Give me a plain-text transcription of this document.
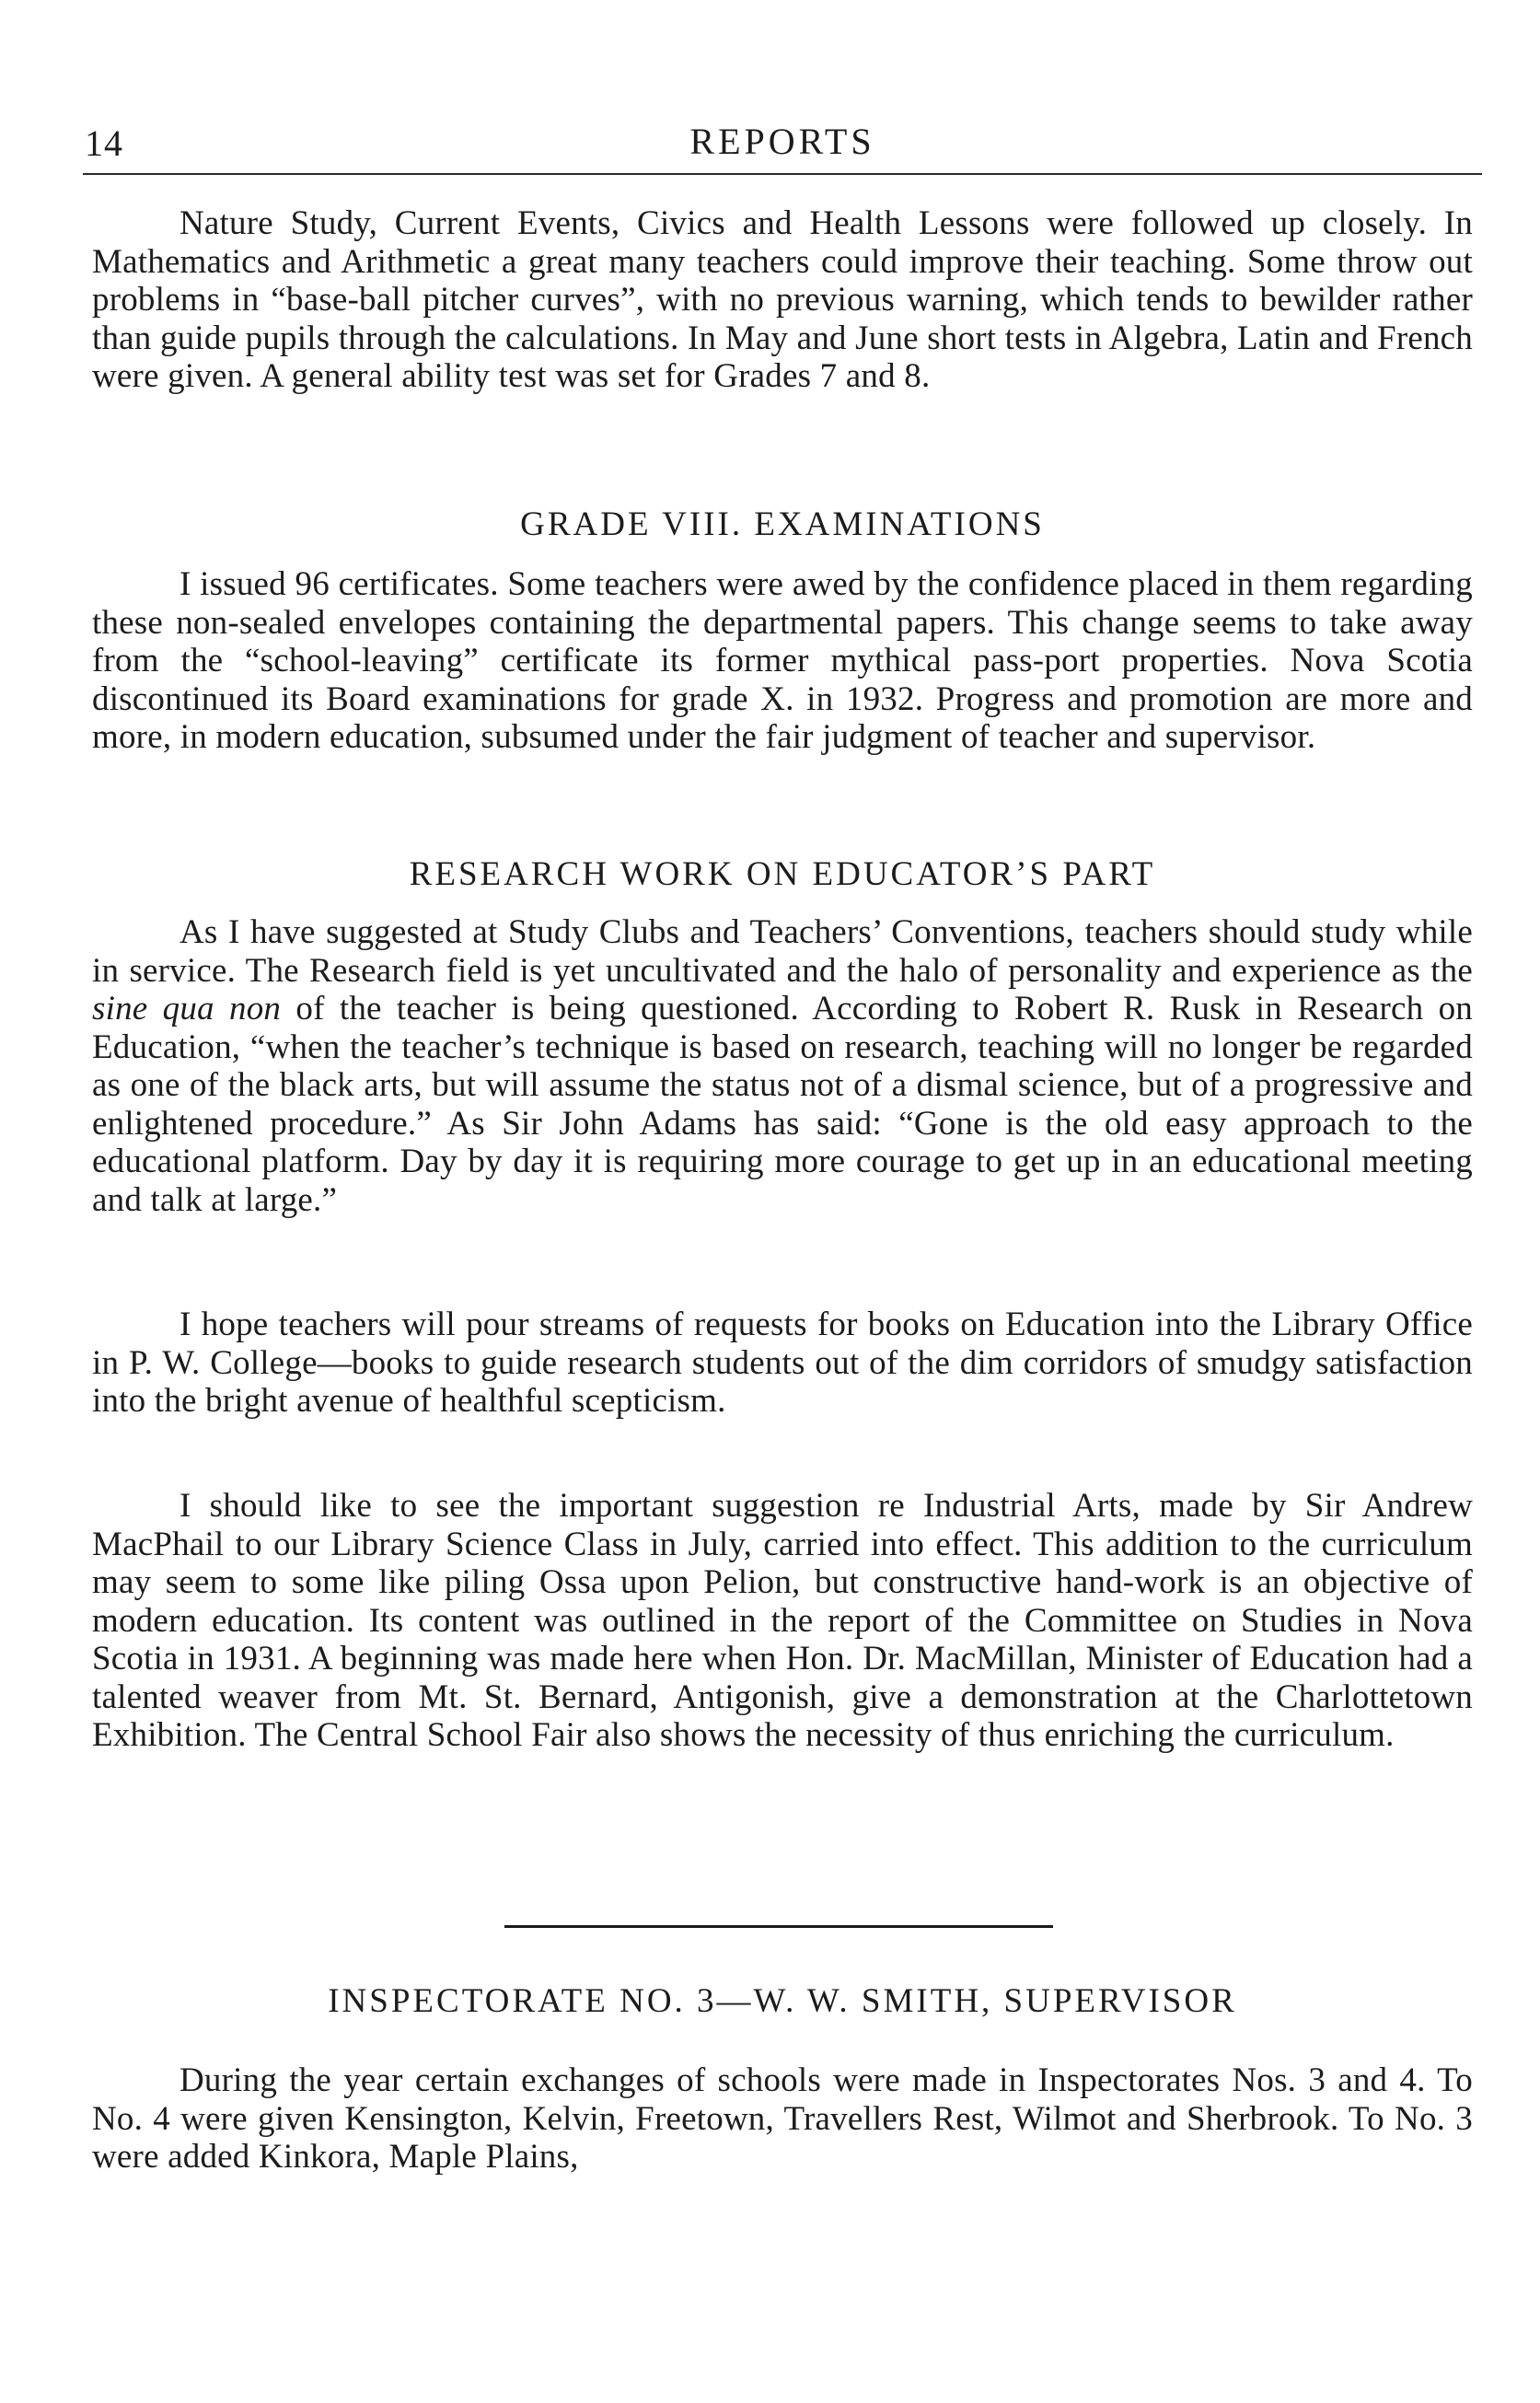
14	REPORTS

Nature Study, Current Events, Civics and Health Lessons were followed up closely. In Mathematics and Arithmetic a great many teachers could improve their teaching. Some throw out problems in “base-ball pitcher curves”, with no previous warning, which tends to bewilder rather than guide pupils through the calculations. In May and June short tests in Algebra, Latin and French were given. A general ability test was set for Grades 7 and 8.

GRADE VIII. EXAMINATIONS

I issued 96 certificates. Some teachers were awed by the confidence placed in them regarding these non-sealed envelopes containing the departmental papers. This change seems to take away from the “school-leaving” certificate its former mythical pass-port properties. Nova Scotia discontinued its Board examinations for grade X. in 1932. Progress and promotion are more and more, in modern education, subsumed under the fair judgment of teacher and supervisor.

RESEARCH WORK ON EDUCATOR’S PART

As I have suggested at Study Clubs and Teachers’ Conventions, teachers should study while in service. The Research field is yet uncultivated and the halo of personality and experience as the sine qua non of the teacher is being questioned. According to Robert R. Rusk in Research on Education, “when the teacher’s technique is based on research, teaching will no longer be regarded as one of the black arts, but will assume the status not of a dismal science, but of a progressive and enlightened procedure.” As Sir John Adams has said: “Gone is the old easy approach to the educational platform. Day by day it is requiring more courage to get up in an educational meeting and talk at large.”

I hope teachers will pour streams of requests for books on Education into the Library Office in P. W. College—books to guide research students out of the dim corridors of smudgy satisfaction into the bright avenue of healthful scepticism.

I should like to see the important suggestion re Industrial Arts, made by Sir Andrew MacPhail to our Library Science Class in July, carried into effect. This addition to the curriculum may seem to some like piling Ossa upon Pelion, but constructive hand-work is an objective of modern education. Its content was outlined in the report of the Committee on Studies in Nova Scotia in 1931. A beginning was made here when Hon. Dr. MacMillan, Minister of Education had a talented weaver from Mt. St. Bernard, Antigonish, give a demonstration at the Charlottetown Exhibition. The Central School Fair also shows the necessity of thus enriching the curriculum.

INSPECTORATE NO. 3—W. W. SMITH, SUPERVISOR

During the year certain exchanges of schools were made in Inspectorates Nos. 3 and 4. To No. 4 were given Kensington, Kelvin, Freetown, Travellers Rest, Wilmot and Sherbrook. To No. 3 were added Kinkora, Maple Plains,
